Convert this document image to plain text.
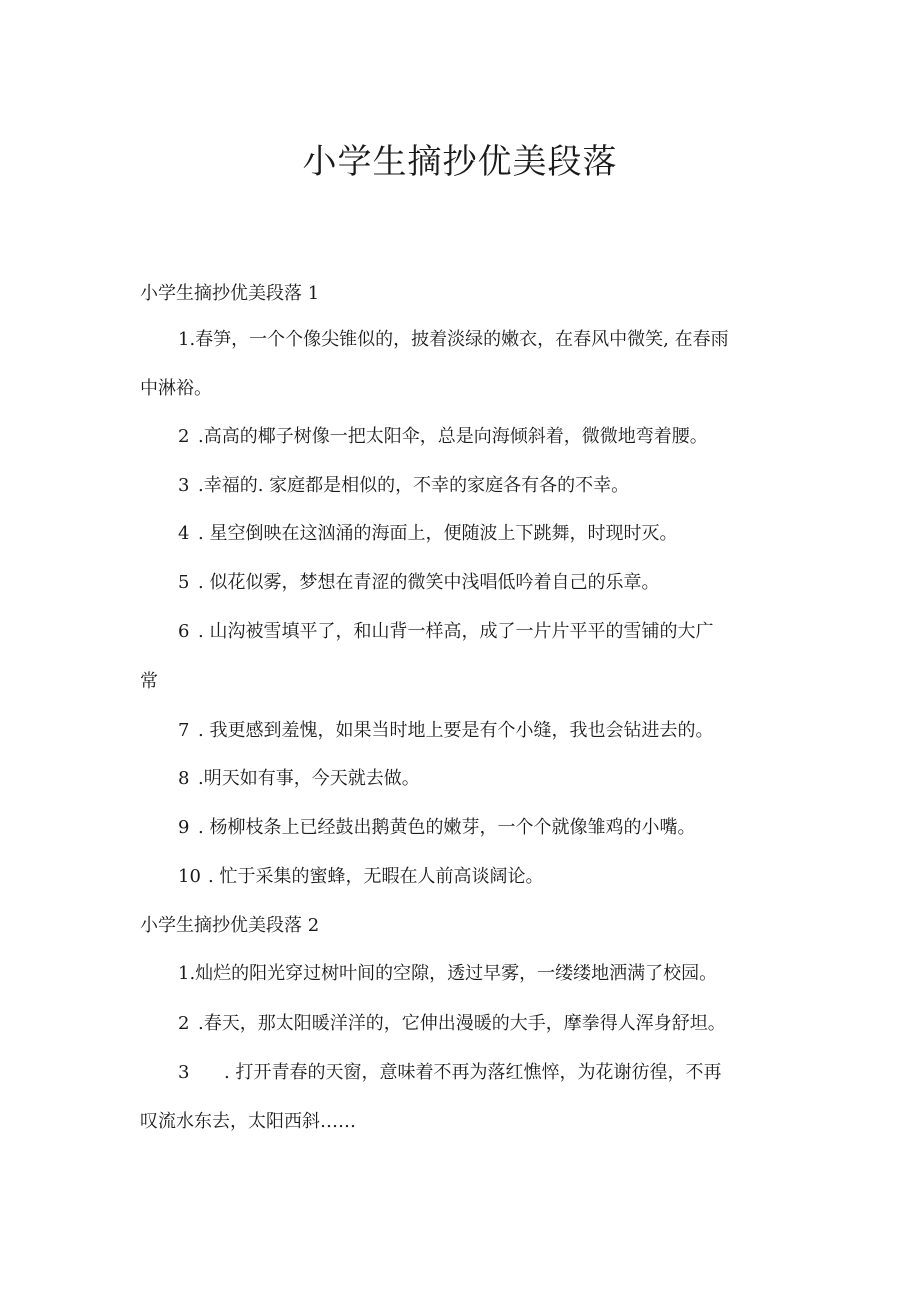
小学生摘抄优美段落
小学生摘抄优美段落 1
1.春笋，一个个像尖锥似的，披着淡绿的嫩衣，在春风中微笑, 在春雨
中淋裕。
2 .高高的椰子树像一把太阳伞，总是向海倾斜着，微微地弯着腰。
3 .幸福的. 家庭都是相似的，不幸的家庭各有各的不幸。
4 . 星空倒映在这汹涌的海面上，便随波上下跳舞，时现时灭。
5 . 似花似雾，梦想在青涩的微笑中浅唱低吟着自己的乐章。
6 . 山沟被雪填平了，和山背一样高，成了一片片平平的雪铺的大广
常
7 . 我更感到羞愧，如果当时地上要是有个小缝，我也会钻进去的。
8 .明天如有事，今天就去做。
9 . 杨柳枝条上已经鼓出鹅黄色的嫩芽，一个个就像雏鸡的小嘴。
10 . 忙于采集的蜜蜂，无暇在人前高谈阔论。
小学生摘抄优美段落 2
1.灿烂的阳光穿过树叶间的空隙，透过早雾，一缕缕地洒满了校园。
2 .春天，那太阳暖洋洋的，它伸出漫暖的大手，摩拳得人浑身舒坦。
3 . 打开青春的天窗，意味着不再为落红憔悴，为花谢彷徨，不再
叹流水东去，太阳西斜……
